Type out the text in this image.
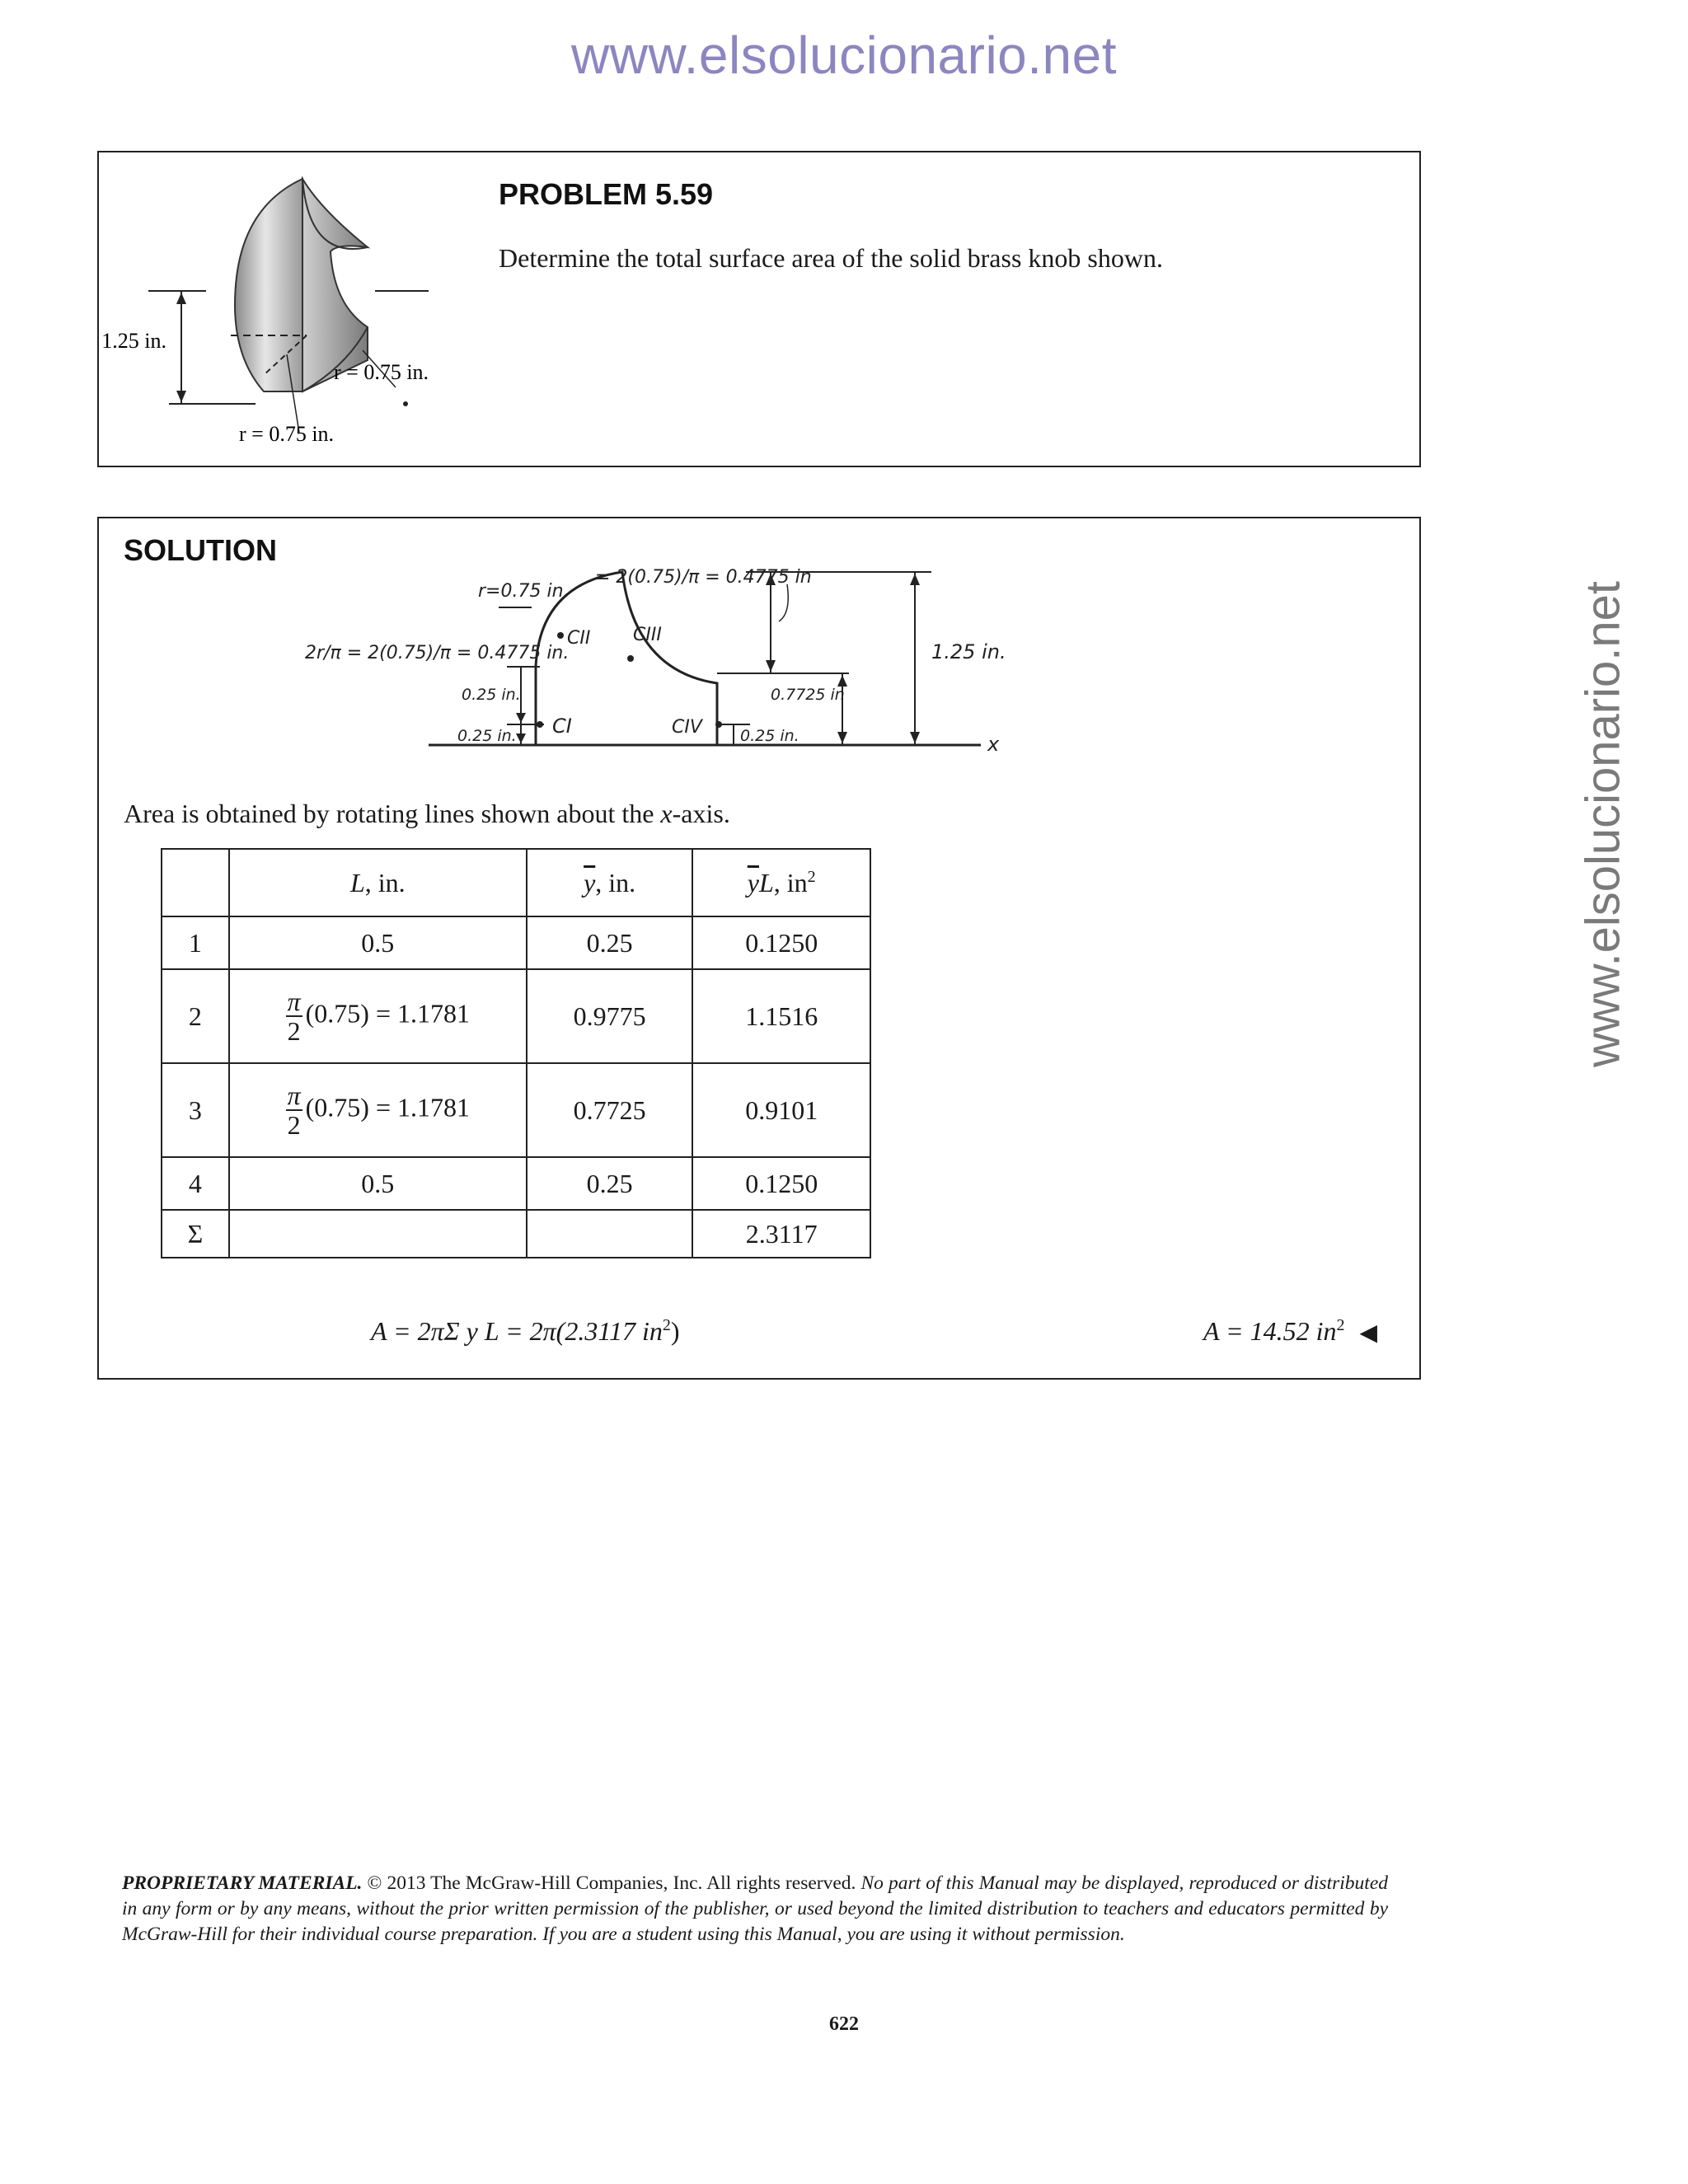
www.elsolucionario.net
www.elsolucionario.net
1.25 in.
r = 0.75 in.
r = 0.75 in.
PROBLEM 5.59
Determine the total surface area of the solid brass knob shown.
SOLUTION
x
1.25 in.
0.7725 in
0.25 in.
r=0.75 in.
= 2(0.75)/π = 0.4775 in
2r/π = 2(0.75)/π = 0.4775 in.
CII CIII
CI	CIV
0.25 in.
0.25 in.
Area is obtained by rotating lines shown about the x-axis.
	L, in.	$\overline{y}$, in.	$\overline{y}L$, $in^2$
1	0.5	0.25	0.1250
2	$\frac{\pi}{2} (0.75) = 1.1781$	0.9775	1.1516
3	$\frac{\pi}{2} (0.75) = 1.1781$	0.7725	0.9101
4	0.5	0.25	0.1250
Σ			2.3117
A = 2πΣ y L = 2π(2.3117 $in^2$)	A = 14.52 $in^2$ ◀
PROPRIETARY MATERIAL. © 2013 The McGraw-Hill Companies, Inc. All rights reserved. No part of this Manual may be displayed, reproduced or distributed in any form or by any means, without the prior written permission of the publisher, or used beyond the limited distribution to teachers and educators permitted by McGraw-Hill for their individual course preparation. If you are a student using this Manual, you are using it without permission.
622
